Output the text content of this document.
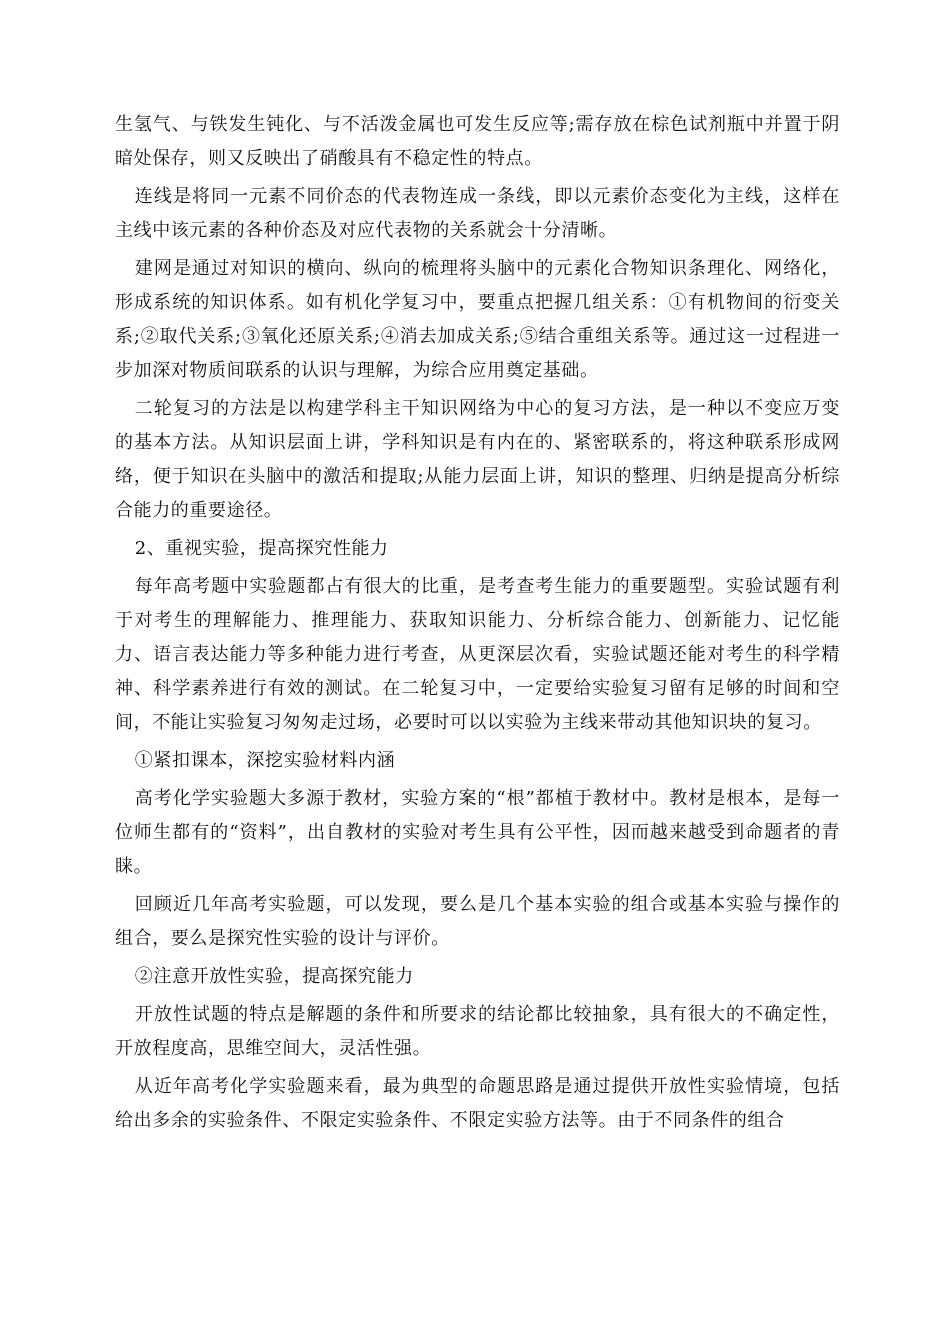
生氢气、与铁发生钝化、与不活泼金属也可发生反应等;需存放在棕色试剂瓶中并置于阴暗处保存，则又反映出了硝酸具有不稳定性的特点。

连线是将同一元素不同价态的代表物连成一条线，即以元素价态变化为主线，这样在主线中该元素的各种价态及对应代表物的关系就会十分清晰。

建网是通过对知识的横向、纵向的梳理将头脑中的元素化合物知识条理化、网络化，形成系统的知识体系。如有机化学复习中，要重点把握几组关系：①有机物间的衍变关系;②取代关系;③氧化还原关系;④消去加成关系;⑤结合重组关系等。通过这一过程进一步加深对物质间联系的认识与理解，为综合应用奠定基础。

二轮复习的方法是以构建学科主干知识网络为中心的复习方法，是一种以不变应万变的基本方法。从知识层面上讲，学科知识是有内在的、紧密联系的，将这种联系形成网络，便于知识在头脑中的激活和提取;从能力层面上讲，知识的整理、归纳是提高分析综合能力的重要途径。

2、重视实验，提高探究性能力

每年高考题中实验题都占有很大的比重，是考查考生能力的重要题型。实验试题有利于对考生的理解能力、推理能力、获取知识能力、分析综合能力、创新能力、记忆能力、语言表达能力等多种能力进行考查，从更深层次看，实验试题还能对考生的科学精神、科学素养进行有效的测试。在二轮复习中，一定要给实验复习留有足够的时间和空间，不能让实验复习匆匆走过场，必要时可以以实验为主线来带动其他知识块的复习。

①紧扣课本，深挖实验材料内涵

高考化学实验题大多源于教材，实验方案的“根”都植于教材中。教材是根本，是每一位师生都有的“资料”，出自教材的实验对考生具有公平性，因而越来越受到命题者的青睐。

回顾近几年高考实验题，可以发现，要么是几个基本实验的组合或基本实验与操作的组合，要么是探究性实验的设计与评价。

②注意开放性实验，提高探究能力

开放性试题的特点是解题的条件和所要求的结论都比较抽象，具有很大的不确定性，开放程度高，思维空间大，灵活性强。

从近年高考化学实验题来看，最为典型的命题思路是通过提供开放性实验情境，包括给出多余的实验条件、不限定实验条件、不限定实验方法等。由于不同条件的组合
